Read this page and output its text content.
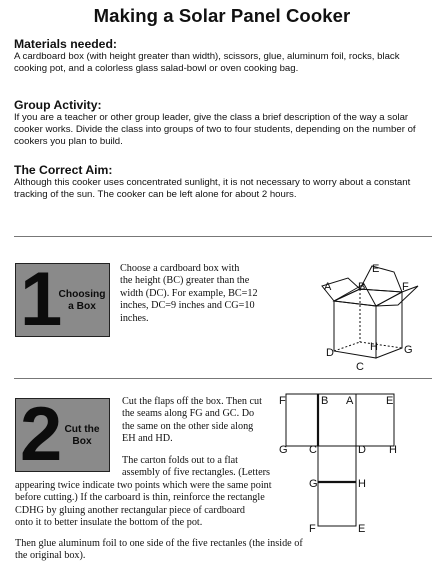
Making a Solar Panel Cooker
Materials needed:

A cardboard box (with height greater than width), scissors, glue, aluminum foil, rocks, black cooking pot, and a colorless glass salad-bowl or oven cooking bag.

Group Activity:

If you are a teacher or other group leader, give the class a brief description of the way a solar cooker works. Divide the class into groups of two to four students, depending on the number of cookers you plan to build.

The Correct Aim:

Although this cooker uses concentrated sunlight, it is not necessary to worry about a constant tracking of the sun. The cooker can be left alone for about 2 hours.

1
Choosing
a Box
Choose a cardboard box with
the height (BC) greater than the
width (DC). For example, BC=12
inches, DC=9 inches and CG=10
inches.
A B
E
F
D	H G
C
2 Cut the
Box
Cut the flaps off the box. Then cut
the seams along FG and GC. Do
the same on the other side along
EH and HD.
The carton folds out to a flat
assembly of five rectangles. (Letters
appearing twice indicate two points which were the same point
before cutting.) If the carboard is thin, reinforce the rectangle
CDHG by gluing another rectangular piece of cardboard
onto it to better insulate the bottom of the pot.
Then glue aluminum foil to one side of the five rectanles (the inside of the original box).
F	B A	E
G C	D H
G	H
F	E
